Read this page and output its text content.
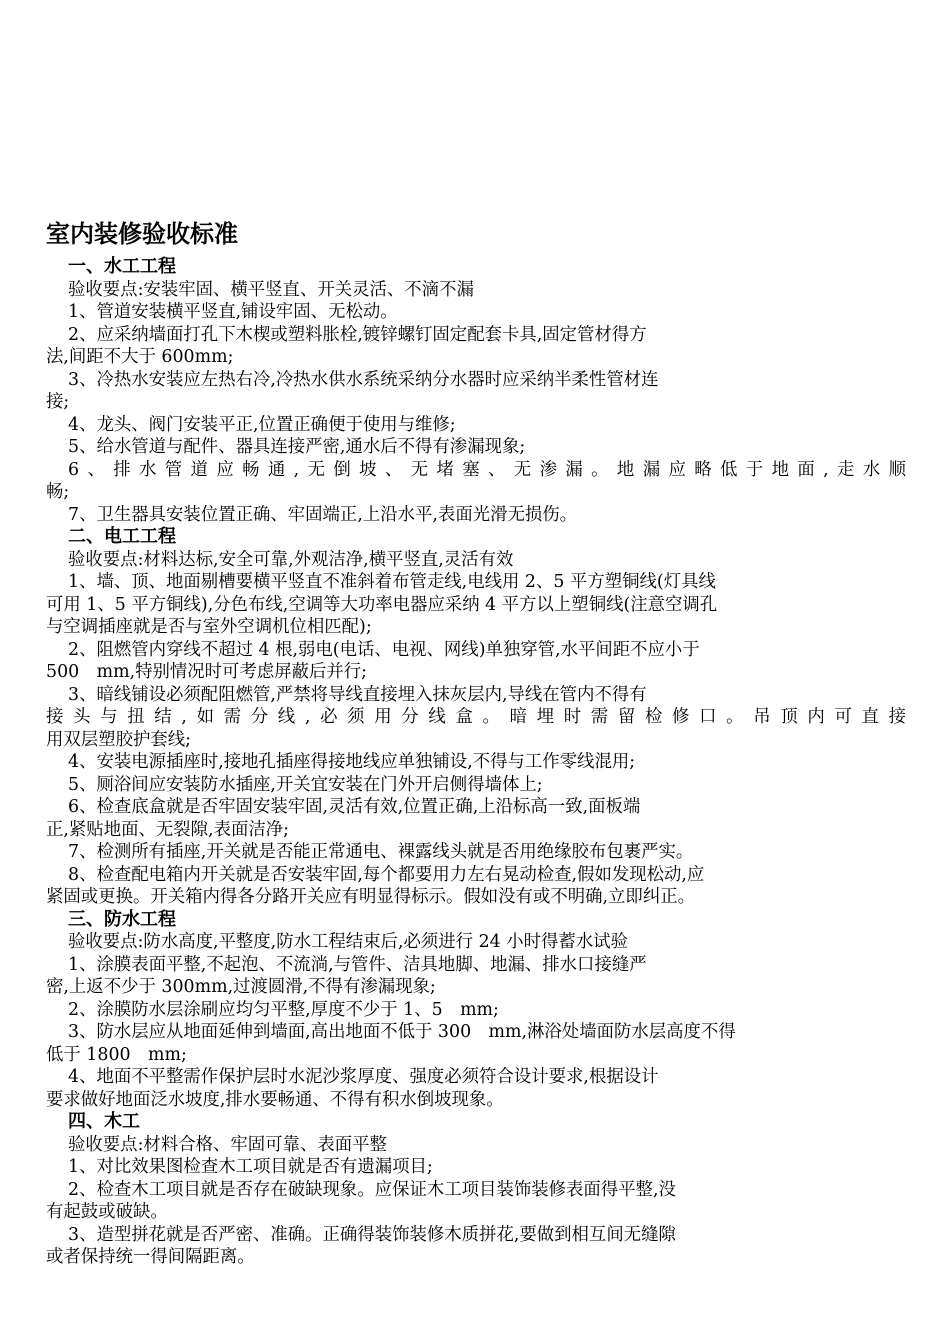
室内装修验收标准
一、水工工程
验收要点:安装牢固、横平竖直、开关灵活、不滴不漏
1、管道安装横平竖直,铺设牢固、无松动。
2、应采纳墙面打孔下木楔或塑料胀栓,镀锌螺钉固定配套卡具,固定管材得方
法,间距不大于 600mm;
3、冷热水安装应左热右冷,冷热水供水系统采纳分水器时应采纳半柔性管材连
接;
4、龙头、阀门安装平正,位置正确便于使用与维修;
5、给水管道与配件、器具连接严密,通水后不得有渗漏现象;
6、排水管道应畅通,无倒坡、无堵塞、无渗漏。地漏应略低于地面,走水顺
畅;
7、卫生器具安装位置正确、牢固端正,上沿水平,表面光滑无损伤。
二、电工工程
验收要点:材料达标,安全可靠,外观洁净,横平竖直,灵活有效
1、墙、顶、地面剔槽要横平竖直不准斜着布管走线,电线用 2、5 平方塑铜线(灯具线
可用 1、5 平方铜线),分色布线,空调等大功率电器应采纳 4 平方以上塑铜线(注意空调孔
与空调插座就是否与室外空调机位相匹配);
2、阻燃管内穿线不超过 4 根,弱电(电话、电视、网线)单独穿管,水平间距不应小于
500　mm,特别情况时可考虑屏蔽后并行;
3、暗线铺设必须配阻燃管,严禁将导线直接埋入抹灰层内,导线在管内不得有
接头与扭结,如需分线,必须用分线盒。暗埋时需留检修口。吊顶内可直接
用双层塑胶护套线;
4、安装电源插座时,接地孔插座得接地线应单独铺设,不得与工作零线混用;
5、厕浴间应安装防水插座,开关宜安装在门外开启侧得墙体上;
6、检查底盒就是否牢固安装牢固,灵活有效,位置正确,上沿标高一致,面板端
正,紧贴地面、无裂隙,表面洁净;
7、检测所有插座,开关就是否能正常通电、裸露线头就是否用绝缘胶布包裹严实。
8、检查配电箱内开关就是否安装牢固,每个都要用力左右晃动检查,假如发现松动,应
紧固或更换。开关箱内得各分路开关应有明显得标示。假如没有或不明确,立即纠正。
三、防水工程
验收要点:防水高度,平整度,防水工程结束后,必须进行 24 小时得蓄水试验
1、涂膜表面平整,不起泡、不流淌,与管件、洁具地脚、地漏、排水口接缝严
密,上返不少于 300mm,过渡圆滑,不得有渗漏现象;
2、涂膜防水层涂刷应均匀平整,厚度不少于 1、5　mm;
3、防水层应从地面延伸到墙面,高出地面不低于 300　mm,淋浴处墙面防水层高度不得
低于 1800　mm;
4、地面不平整需作保护层时水泥沙浆厚度、强度必须符合设计要求,根据设计
要求做好地面泛水坡度,排水要畅通、不得有积水倒坡现象。
四、木工
验收要点:材料合格、牢固可靠、表面平整
1、对比效果图检查木工项目就是否有遗漏项目;
2、检查木工项目就是否存在破缺现象。应保证木工项目装饰装修表面得平整,没
有起鼓或破缺。
3、造型拼花就是否严密、准确。正确得装饰装修木质拼花,要做到相互间无缝隙
或者保持统一得间隔距离。
